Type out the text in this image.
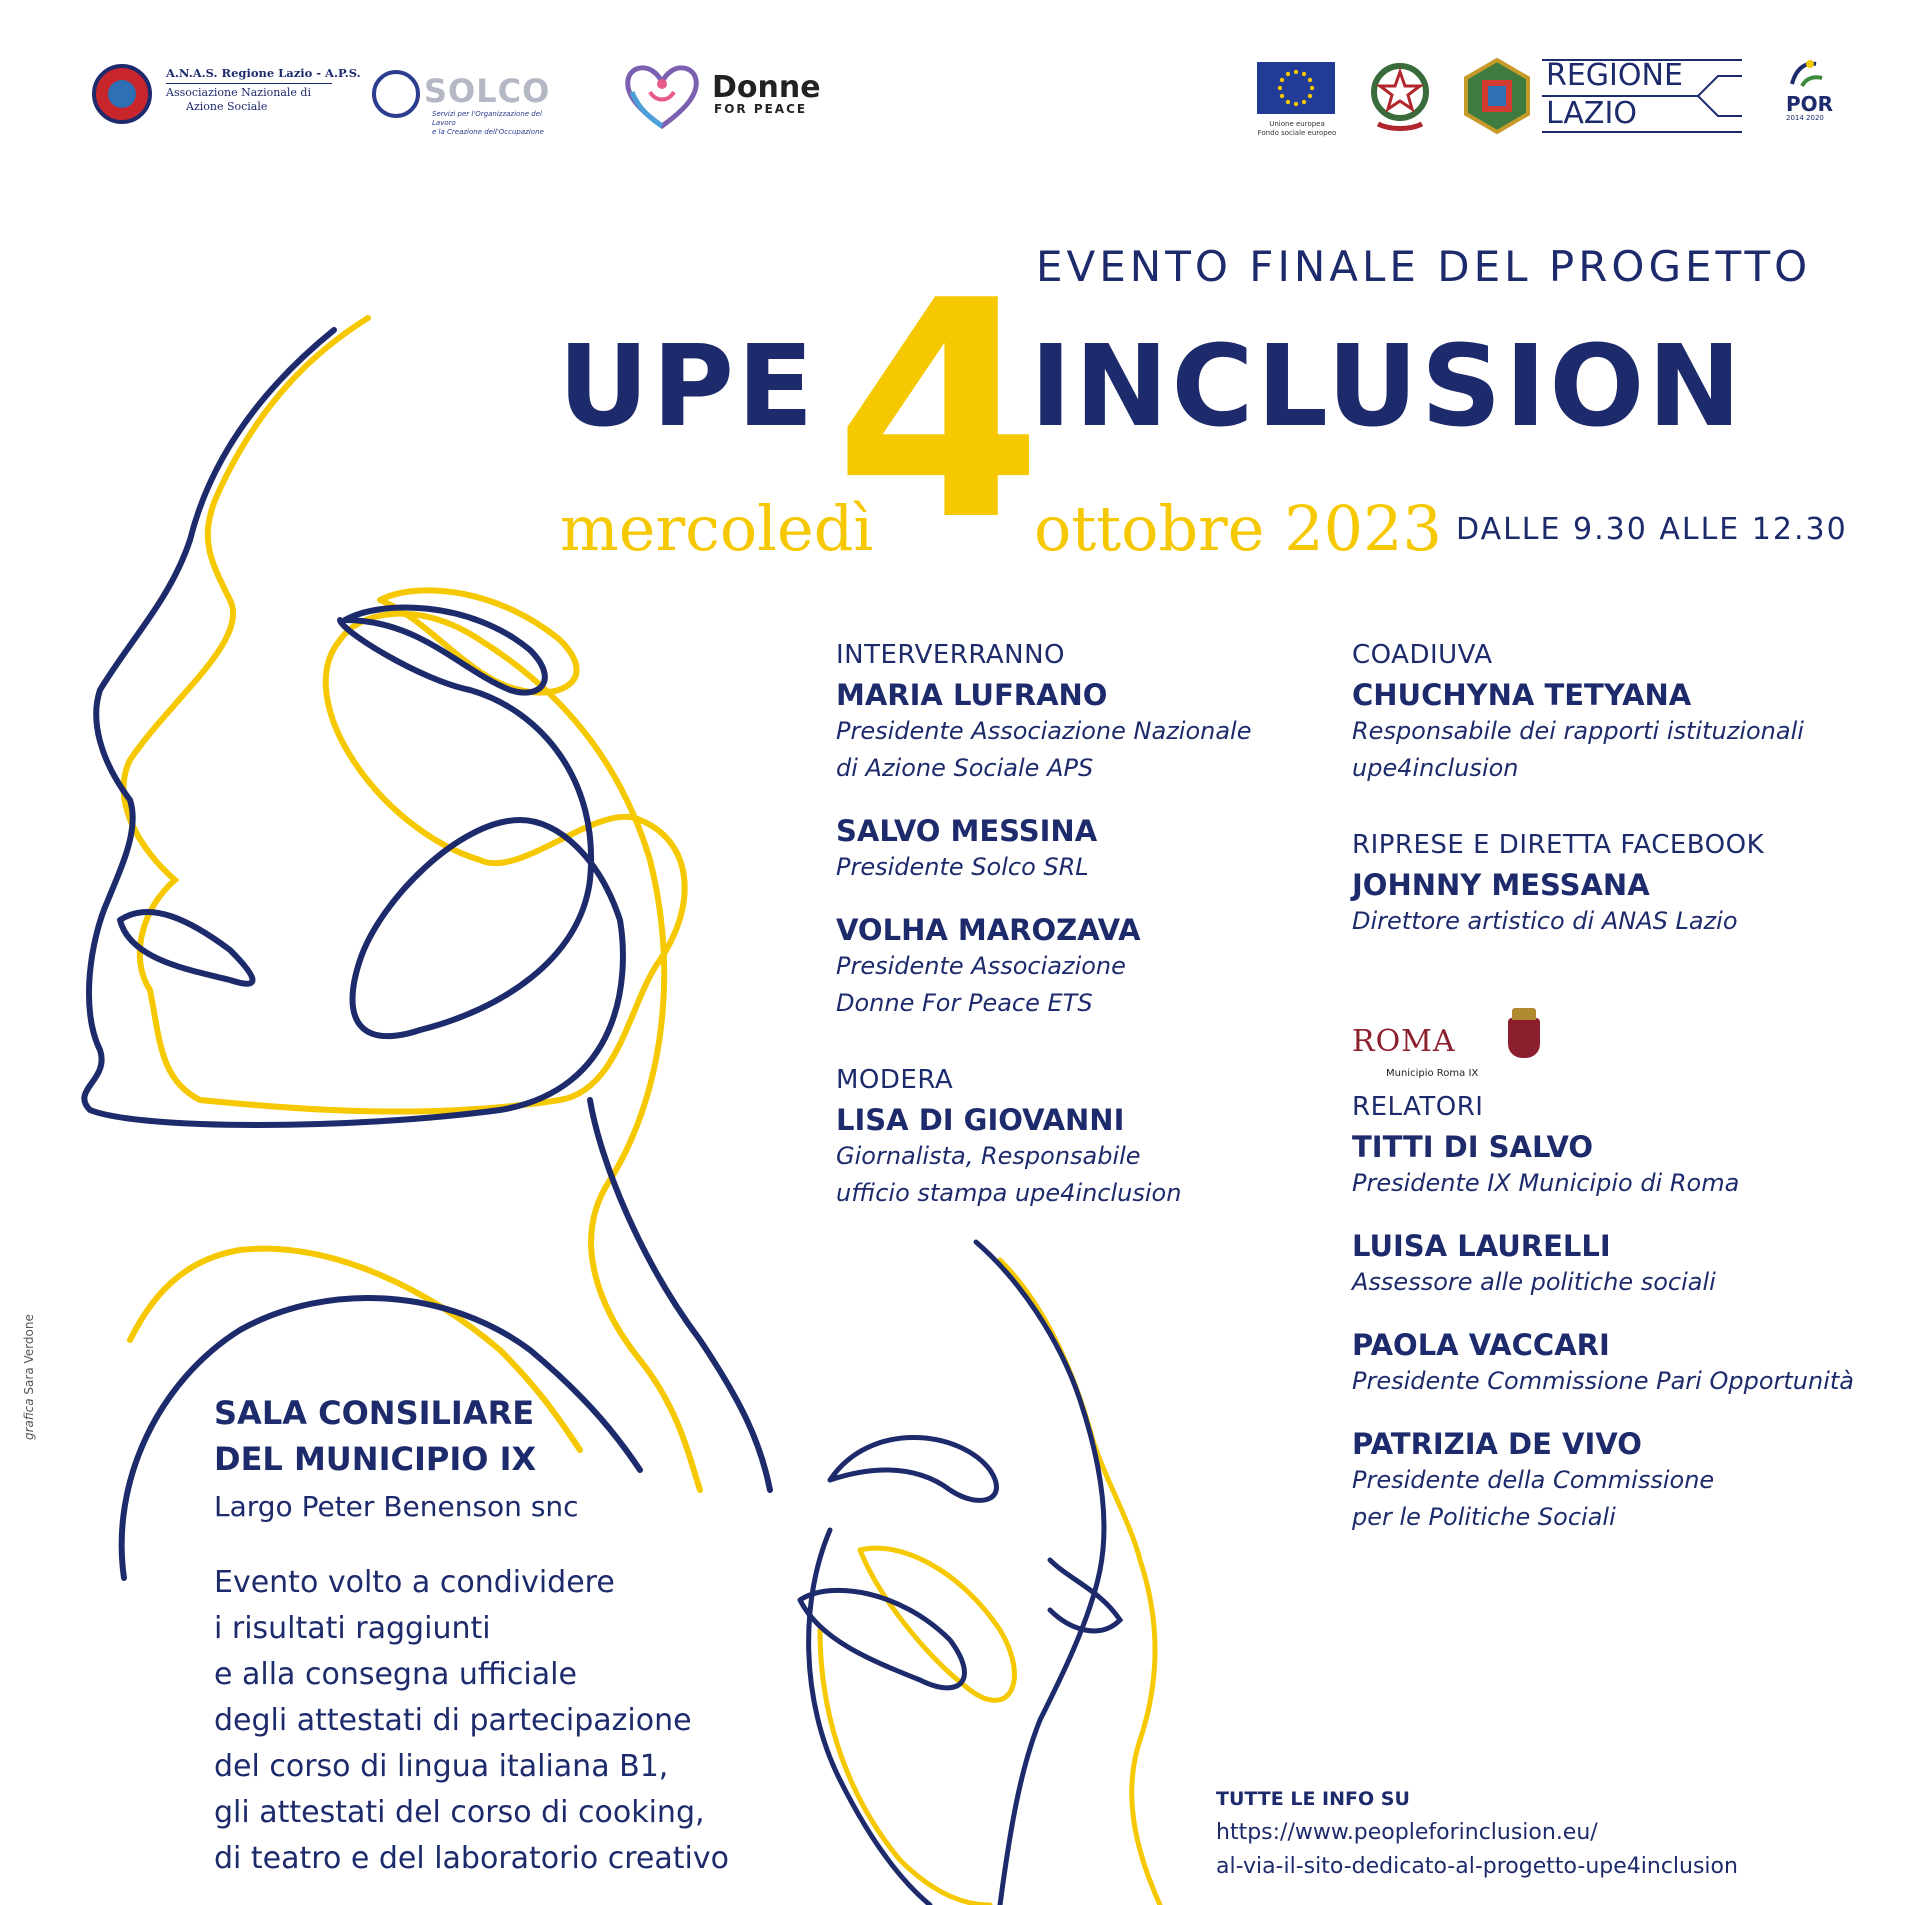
A.N.A.S. Regione Lazio - A.P.S.
Associazione Nazionale di
Azione Sociale	SOLCO
Servizi per l'Organizzazione del Lavoro
e la Creazione dell'Occupazione
Donne
FOR PEACE
Unione europea
Fondo sociale europeo
REGIONE
LAZIO	POR
2014 2020
EVENTO FINALE DEL PROGETTO
UPE 4
INCLUSION
mercoledì	ottobre 2023 DALLE 9.30 ALLE 12.30
INTERVERRANNO
MARIA LUFRANO
Presidente Associazione Nazionale
di Azione Sociale APS
SALVO MESSINA
Presidente Solco SRL
VOLHA MAROZAVA
Presidente Associazione
Donne For Peace ETS
MODERA
LISA DI GIOVANNI
Giornalista, Responsabile
ufficio stampa upe4inclusion
COADIUVA
CHUCHYNA TETYANA
Responsabile dei rapporti istituzionali
upe4inclusion
RIPRESE E DIRETTA FACEBOOK
JOHNNY MESSANA
Direttore artistico di ANAS Lazio
ROMA
Municipio Roma IX
RELATORI
TITTI DI SALVO
Presidente IX Municipio di Roma
LUISA LAURELLI
Assessore alle politiche sociali
PAOLA VACCARI
Presidente Commissione Pari Opportunità
PATRIZIA DE VIVO
Presidente della Commissione
per le Politiche Sociali
SALA CONSILIARE
DEL MUNICIPIO IX
Largo Peter Benenson snc
Evento volto a condividere
i risultati raggiunti
e alla consegna ufficiale
degli attestati di partecipazione
del corso di lingua italiana B1,
gli attestati del corso di cooking,
di teatro e del laboratorio creativo
TUTTE LE INFO SU
https://www.peopleforinclusion.eu/
al-via-il-sito-dedicato-al-progetto-upe4inclusion
grafica Sara Verdone
